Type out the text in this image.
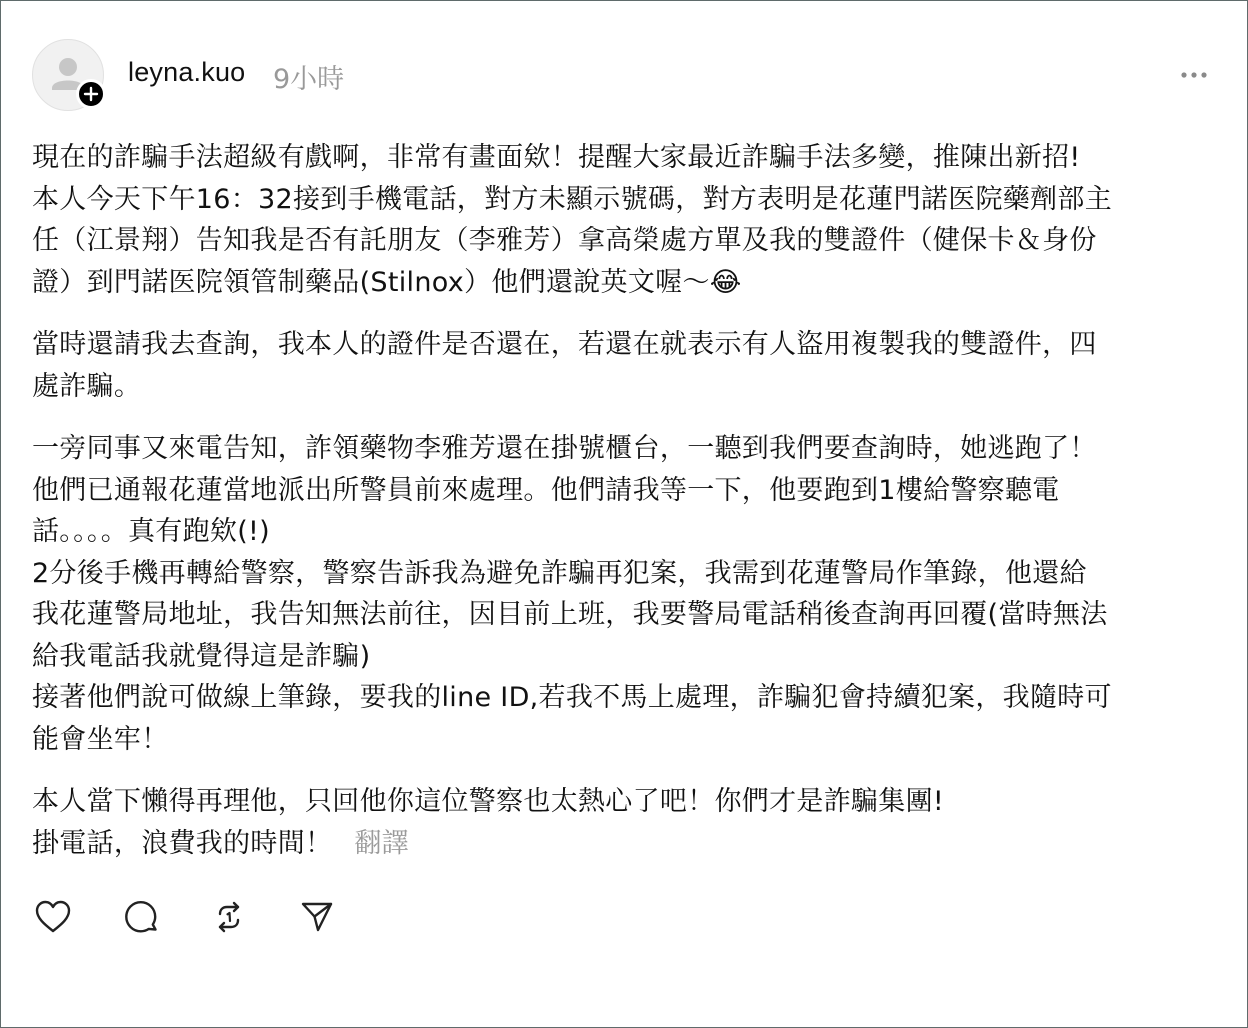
leyna.kuo 9小時

現在的詐騙手法超級有戲啊，非常有畫面欸！提醒大家最近詐騙手法多變，推陳出新招!
本人今天下午16：32接到手機電話，對方未顯示號碼，對方表明是花蓮門諾医院藥劑部主
任（江景翔）告知我是否有託朋友（李雅芳）拿高榮處方單及我的雙證件（健保卡＆身份
證）到門諾医院領管制藥品(Stilnox）他們還說英文喔～😂

當時還請我去查詢，我本人的證件是否還在，若還在就表示有人盜用複製我的雙證件，四
處詐騙。

一旁同事又來電告知，詐領藥物李雅芳還在掛號櫃台，一聽到我們要查詢時，她逃跑了！
他們已通報花蓮當地派出所警員前來處理。他們請我等一下，他要跑到1樓給警察聽電
話。。。。真有跑欸(!)
2分後手機再轉給警察，警察告訴我為避免詐騙再犯案，我需到花蓮警局作筆錄，他還給
我花蓮警局地址，我告知無法前往，因目前上班，我要警局電話稍後查詢再回覆(當時無法
給我電話我就覺得這是詐騙)
接著他們說可做線上筆錄，要我的line ID,若我不馬上處理，詐騙犯會持續犯案，我隨時可
能會坐牢！

本人當下懶得再理他，只回他你這位警察也太熱心了吧！你們才是詐騙集團!
掛電話，浪費我的時間！ 翻譯
